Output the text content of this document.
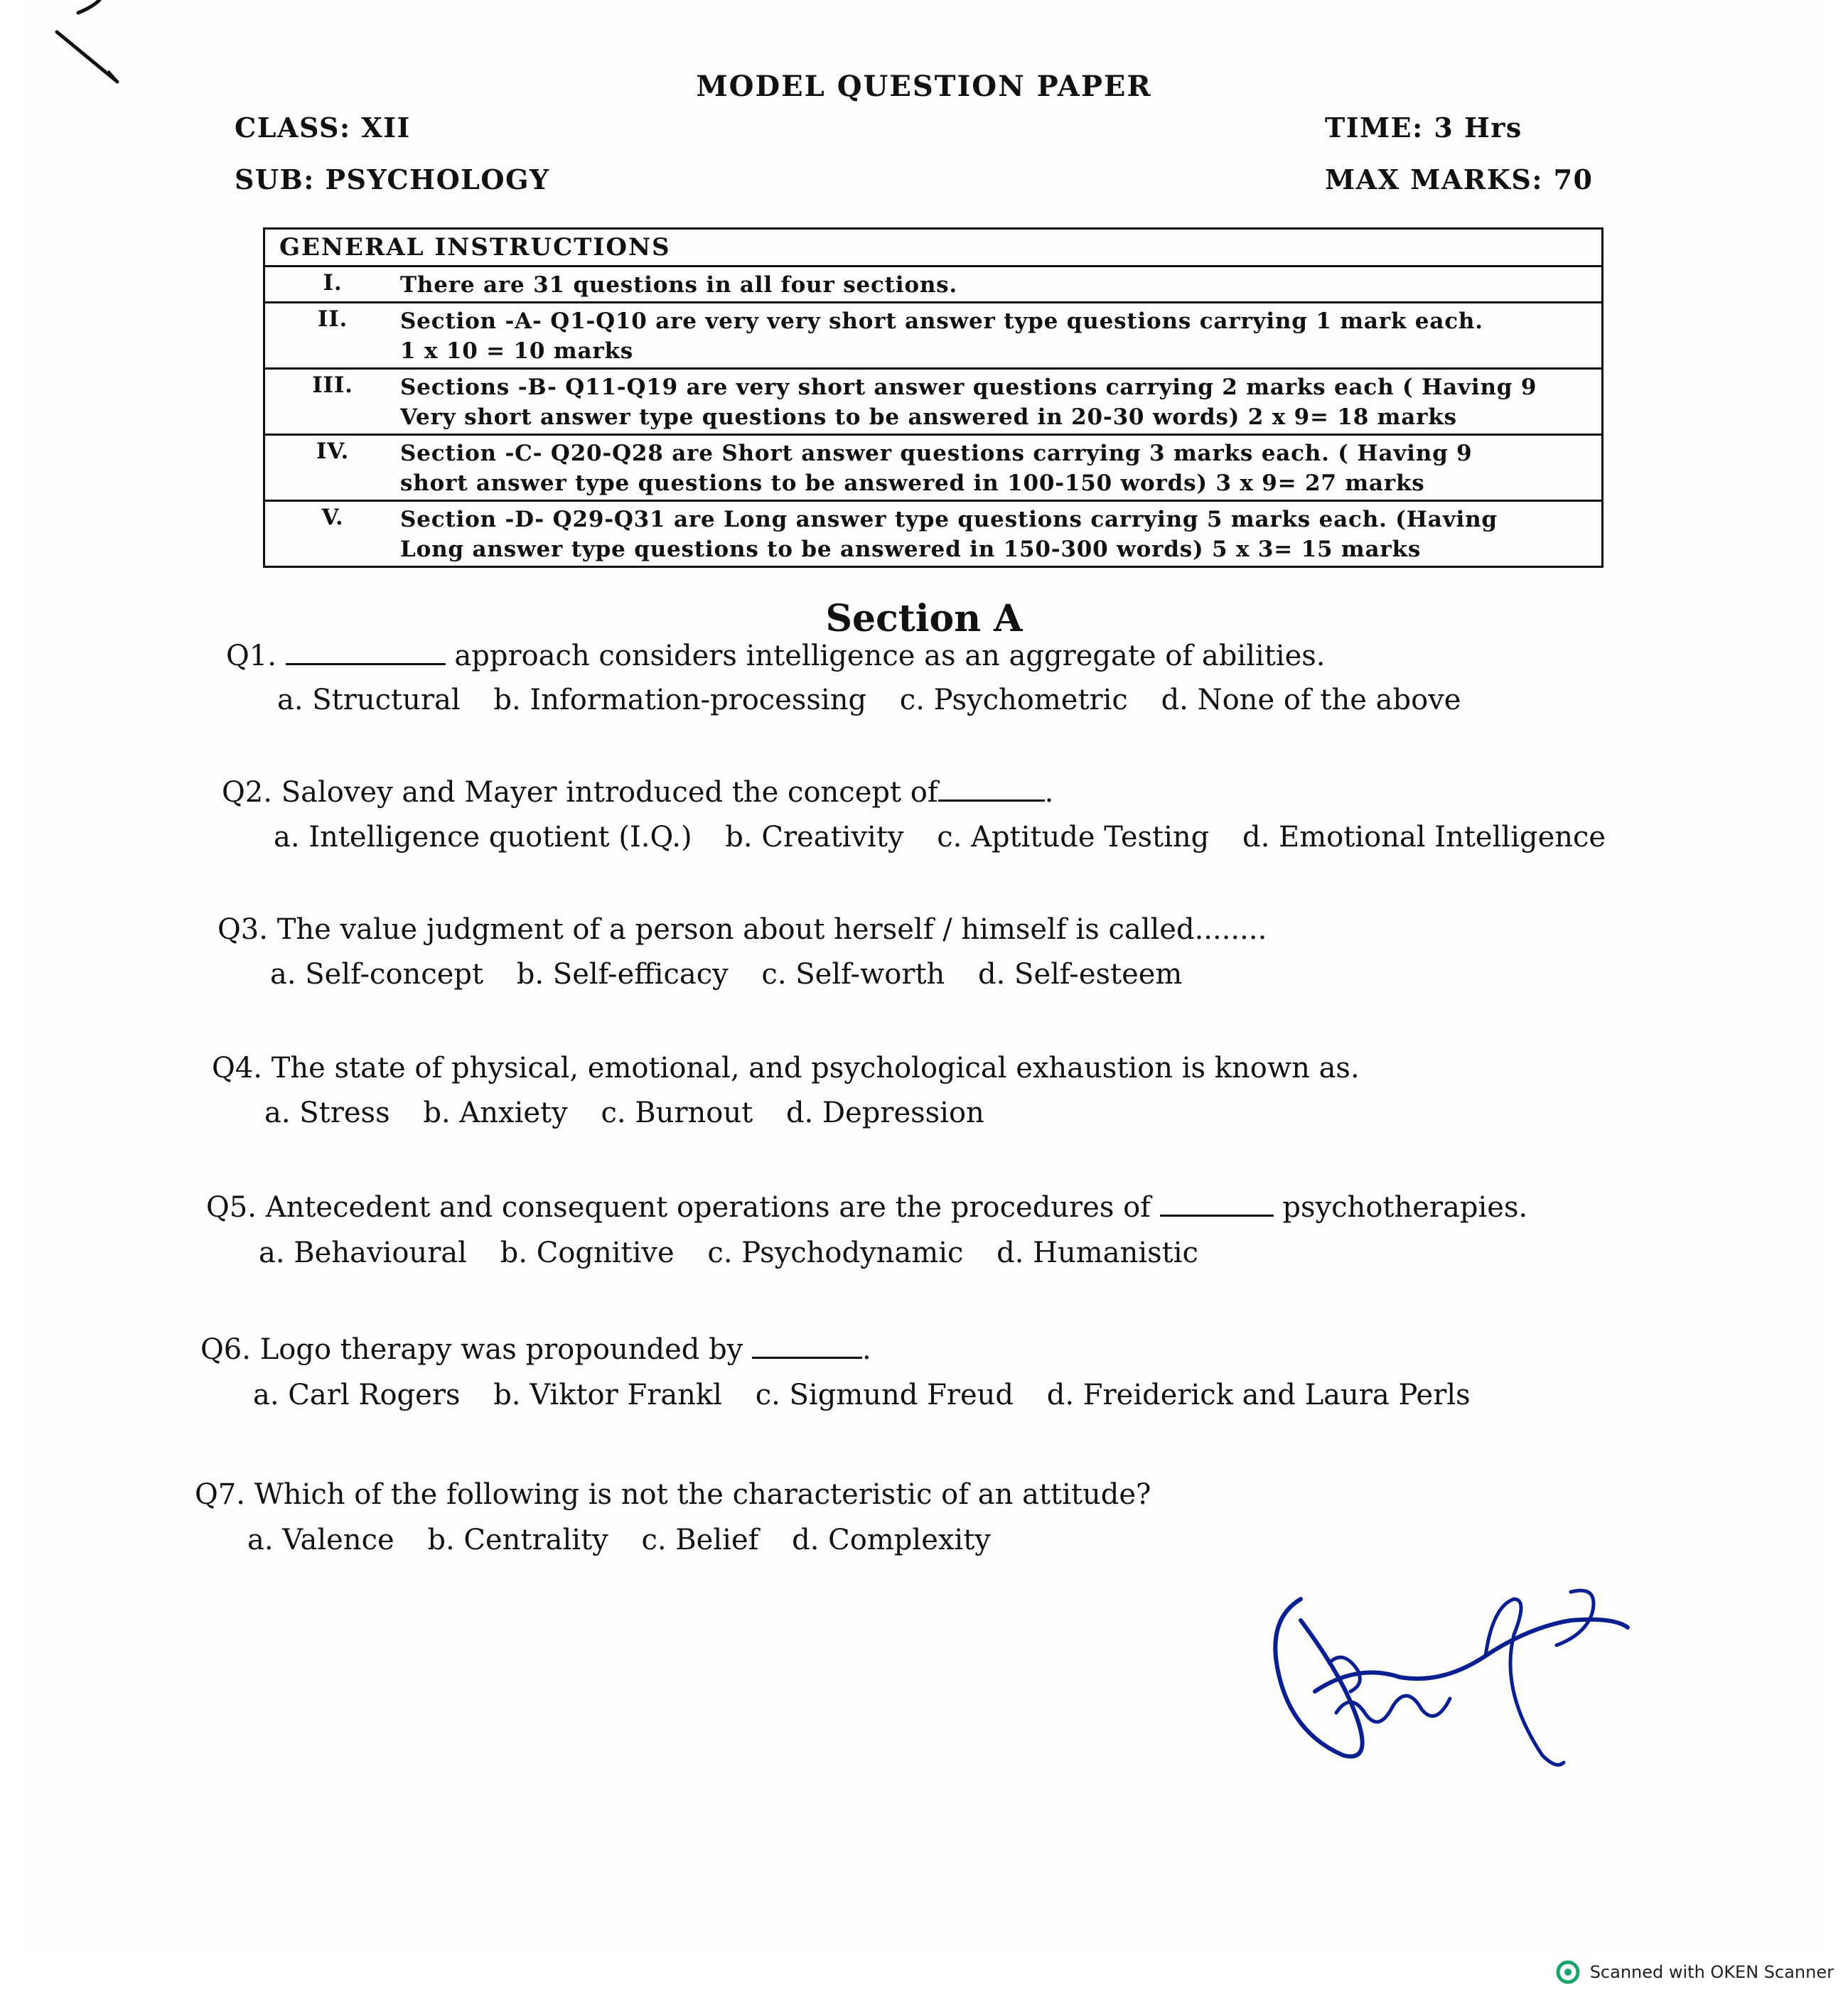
MODEL QUESTION PAPER
CLASS: XII	TIME: 3 Hrs
SUB: PSYCHOLOGY	MAX MARKS: 70
GENERAL INSTRUCTIONS	
I.	There are 31 questions in all four sections.
II.	Section -A- Q1-Q10 are very very short answer type questions carrying 1 mark each.
1 x 10 = 10 marks

III.	Sections -B- Q11-Q19 are very short answer questions carrying 2 marks each ( Having 9
Very short answer type questions to be answered in 20-30 words) 2 x 9= 18 marks

IV.	Section -C- Q20-Q28 are Short answer questions carrying 3 marks each. ( Having 9
short answer type questions to be answered in 100-150 words) 3 x 9= 27 marks

V.	Section -D- Q29-Q31 are Long answer type questions carrying 5 marks each. (Having
Long answer type questions to be answered in 150-300 words) 5 x 3= 15 marks
Section A
Q1.	approach considers intelligence as an aggregate of abilities.
a. Structural b. Information-processing c. Psychometric d. None of the above
Q2. Salovey and Mayer introduced the concept of	.
a. Intelligence quotient (I.Q.) b. Creativity c. Aptitude Testing d. Emotional Intelligence
Q3. The value judgment of a person about herself / himself is called........
a. Self-concept b. Self-efficacy c. Self-worth d. Self-esteem
Q4. The state of physical, emotional, and psychological exhaustion is known as.
a. Stress b. Anxiety c. Burnout d. Depression
Q5. Antecedent and consequent operations are the procedures of	psychotherapies.
a. Behavioural b. Cognitive c. Psychodynamic d. Humanistic
Q6. Logo therapy was propounded by	.
a. Carl Rogers b. Viktor Frankl c. Sigmund Freud d. Freiderick and Laura Perls
Q7. Which of the following is not the characteristic of an attitude?
a. Valence b. Centrality c. Belief d. Complexity
Scanned with OKEN Scanner
